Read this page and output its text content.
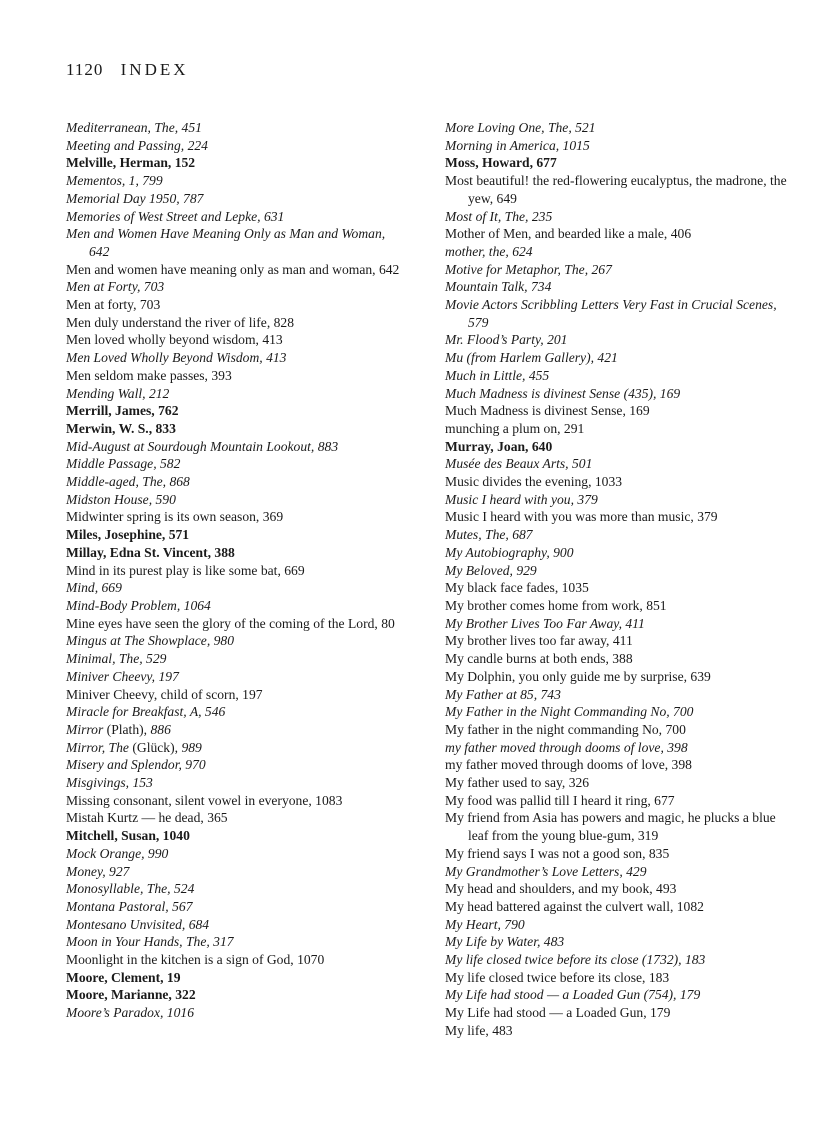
1120 INDEX
Mediterranean, The, 451
Meeting and Passing, 224
Melville, Herman, 152
Mementos, 1, 799
Memorial Day 1950, 787
Memories of West Street and Lepke, 631
Men and Women Have Meaning Only as Man and Woman, 642
Men and women have meaning only as man and woman, 642
Men at Forty, 703
Men at forty, 703
Men duly understand the river of life, 828
Men loved wholly beyond wisdom, 413
Men Loved Wholly Beyond Wisdom, 413
Men seldom make passes, 393
Mending Wall, 212
Merrill, James, 762
Merwin, W. S., 833
Mid-August at Sourdough Mountain Lookout, 883
Middle Passage, 582
Middle-aged, The, 868
Midston House, 590
Midwinter spring is its own season, 369
Miles, Josephine, 571
Millay, Edna St. Vincent, 388
Mind in its purest play is like some bat, 669
Mind, 669
Mind-Body Problem, 1064
Mine eyes have seen the glory of the coming of the Lord, 80
Mingus at The Showplace, 980
Minimal, The, 529
Miniver Cheevy, 197
Miniver Cheevy, child of scorn, 197
Miracle for Breakfast, A, 546
Mirror (Plath), 886
Mirror, The (Glück), 989
Misery and Splendor, 970
Misgivings, 153
Missing consonant, silent vowel in everyone, 1083
Mistah Kurtz — he dead, 365
Mitchell, Susan, 1040
Mock Orange, 990
Money, 927
Monosyllable, The, 524
Montana Pastoral, 567
Montesano Unvisited, 684
Moon in Your Hands, The, 317
Moonlight in the kitchen is a sign of God, 1070
Moore, Clement, 19
Moore, Marianne, 322
Moore’s Paradox, 1016
More Loving One, The, 521
Morning in America, 1015
Moss, Howard, 677
Most beautiful! the red-flowering eucalyptus, the madrone, the yew, 649
Most of It, The, 235
Mother of Men, and bearded like a male, 406
mother, the, 624
Motive for Metaphor, The, 267
Mountain Talk, 734
Movie Actors Scribbling Letters Very Fast in Crucial Scenes, 579
Mr. Flood’s Party, 201
Mu (from Harlem Gallery), 421
Much in Little, 455
Much Madness is divinest Sense (435), 169
Much Madness is divinest Sense, 169
munching a plum on, 291
Murray, Joan, 640
Musée des Beaux Arts, 501
Music divides the evening, 1033
Music I heard with you, 379
Music I heard with you was more than music, 379
Mutes, The, 687
My Autobiography, 900
My Beloved, 929
My black face fades, 1035
My brother comes home from work, 851
My Brother Lives Too Far Away, 411
My brother lives too far away, 411
My candle burns at both ends, 388
My Dolphin, you only guide me by surprise, 639
My Father at 85, 743
My Father in the Night Commanding No, 700
My father in the night commanding No, 700
my father moved through dooms of love, 398
my father moved through dooms of love, 398
My father used to say, 326
My food was pallid till I heard it ring, 677
My friend from Asia has powers and magic, he plucks a blue leaf from the young blue-gum, 319
My friend says I was not a good son, 835
My Grandmother’s Love Letters, 429
My head and shoulders, and my book, 493
My head battered against the culvert wall, 1082
My Heart, 790
My Life by Water, 483
My life closed twice before its close (1732), 183
My life closed twice before its close, 183
My Life had stood — a Loaded Gun (754), 179
My Life had stood — a Loaded Gun, 179
My life, 483
